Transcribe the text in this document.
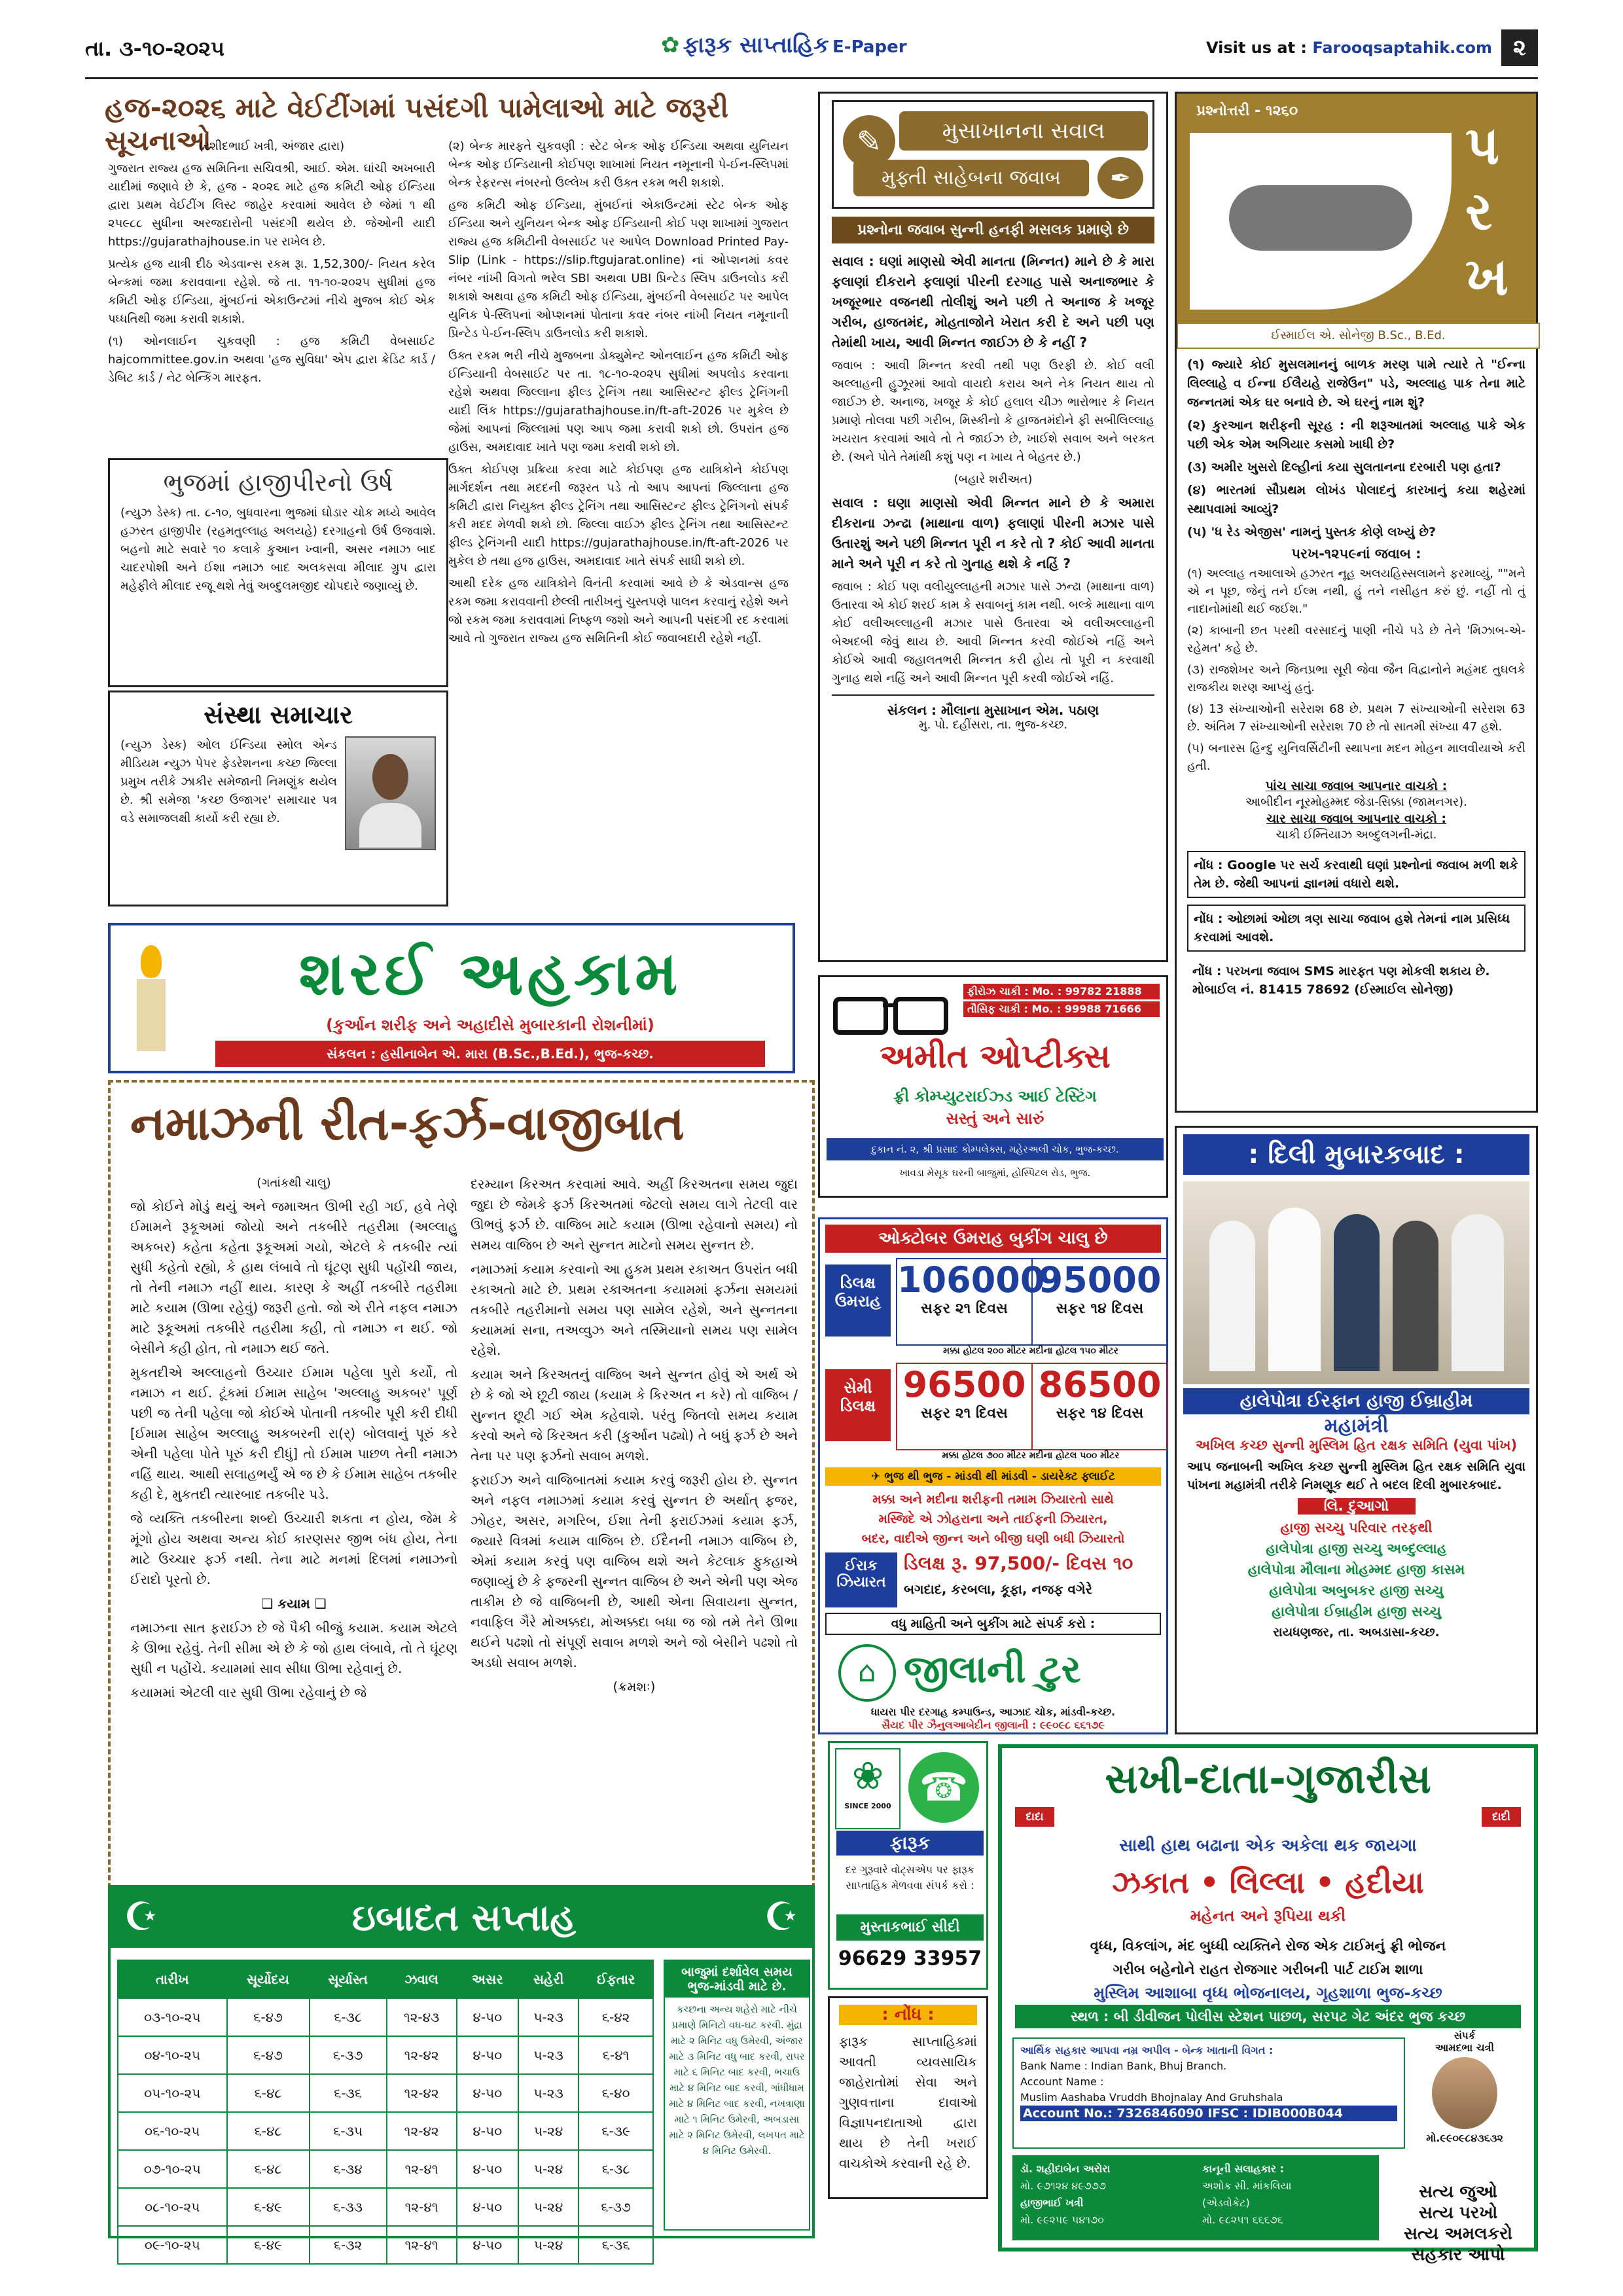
તા. ૩-૧૦-૨૦૨૫	✿ ફારૂક સાપ્તાહિક E-Paper	Visit us at : Farooqsaptahik.com ૨
હજ-૨૦૨૬ માટે વેઈટીંગમાં પસંદગી પામેલાઓ માટે જરૂરી સૂચનાઓ

(રશીદભાઈ ખત્રી, અંજાર દ્વારા)

ગુજરાત રાજ્ય હજ સમિતિના સચિવશ્રી, આઈ. એમ. ઘાંચી અખબારી યાદીમાં જણાવે છે કે, હજ - ૨૦૨૬ માટે હજ કમિટી ઓફ ઈન્ડિયા દ્વારા પ્રથમ વેઈટીંગ લિસ્ટ જાહેર કરવામાં આવેલ છે જેમાં ૧ થી ૨૫૯૮૮ સુધીના અરજદારોની પસંદગી થયેલ છે. જેઓની યાદી https://gujarathajhouse.in પર રાખેલ છે.

પ્રત્યેક હજ યાત્રી દીઠ એડવાન્સ રકમ રૂા. 1,52,300/- નિયત કરેલ બેન્કમાં જમા કરાવવાના રહેશે. જે તા. ૧૧-૧૦-૨૦૨૫ સુધીમાં હજ કમિટી ઓફ ઈન્ડિયા, મુંબઈનાં એકાઉન્ટમાં નીચે મુજબ કોઈ એક પધ્ધતિથી જમા કરાવી શકાશે.

(૧) ઓનલાઈન ચુકવણી : હજ કમિટી વેબસાઈટ hajcommittee.gov.in અથવા 'હજ સુવિધા' એપ દ્વારા ક્રેડિટ કાર્ડ / ડેબિટ કાર્ડ / નેટ બેન્કિંગ મારફત.

(૨) બેન્ક મારફતે ચુકવણી : સ્ટેટ બેન્ક ઓફ ઈન્ડિયા અથવા યુનિયન બેન્ક ઓફ ઈન્ડિયાની કોઈપણ શાખામાં નિયત નમૂનાની પે-ઈન-સ્લિપમાં બેન્ક રેફરન્સ નંબરનો ઉલ્લેખ કરી ઉક્ત રકમ ભરી શકાશે.

હજ કમિટી ઓફ ઈન્ડિયા, મુંબઈનાં એકાઉન્ટમાં સ્ટેટ બેન્ક ઓફ ઈન્ડિયા અને યુનિયન બેન્ક ઓફ ઈન્ડિયાની કોઈ પણ શાખામાં ગુજરાત રાજ્ય હજ કમિટીની વેબસાઈટ પર આપેલ Download Printed Pay-Slip (Link - https://slip.ftgujarat.online) નાં ઓપ્શનમાં કવર નંબર નાંખી વિગતો ભરેલ SBI અથવા UBI પ્રિન્ટેડ સ્લિપ ડાઉનલોડ કરી શકાશે અથવા હજ કમિટી ઓફ ઈન્ડિયા, મુંબઈની વેબસાઈટ પર આપેલ યુનિક પે-સ્લિપનાં ઓપ્શનમાં પોતાના કવર નંબર નાંખી નિયત નમૂનાની પ્રિન્ટેડ પે-ઈન-સ્લિપ ડાઉનલોડ કરી શકાશે.

ઉક્ત રકમ ભરી નીચે મુજબના ડોક્યુમેન્ટ ઓનલાઈન હજ કમિટી ઓફ ઈન્ડિયાની વેબસાઈટ પર તા. ૧૮-૧૦-૨૦૨૫ સુધીમાં અપલોડ કરવાના રહેશે અથવા જિલ્લાના ફીલ્ડ ટ્રેનિંગ તથા આસિસ્ટન્ટ ફીલ્ડ ટ્રેનિંગની યાદી લિંક https://gujarathajhouse.in/ft-aft-2026 પર મુકેલ છે જેમાં આપનાં જિલ્લામાં પણ આપ જમા કરાવી શકો છો. ઉપરાંત હજ હાઉસ, અમદાવાદ ખાતે પણ જમા કરાવી શકો છો.

ઉક્ત કોઈપણ પ્રક્રિયા કરવા માટે કોઈપણ હજ યાત્રિકોને કોઈપણ માર્ગદર્શન તથા મદદની જરૂરત પડે તો આપ આપનાં જિલ્લાના હજ કમિટી દ્વારા નિયુક્ત ફીલ્ડ ટ્રેનિંગ તથા આસિસ્ટન્ટ ફીલ્ડ ટ્રેનિંગનો સંપર્ક કરી મદદ મેળવી શકો છો. જિલ્લા વાઈઝ ફીલ્ડ ટ્રેનિંગ તથા આસિસ્ટન્ટ ફીલ્ડ ટ્રેનિંગની યાદી https://gujarathajhouse.in/ft-aft-2026 પર મુકેલ છે તથા હજ હાઉસ, અમદાવાદ ખાતે સંપર્ક સાધી શકો છો.

આથી દરેક હજ યાત્રિકોને વિનંતી કરવામાં આવે છે કે એડવાન્સ હજ રકમ જમા કરાવવાની છેલ્લી તારીખનું ચુસ્તપણે પાલન કરવાનું રહેશે અને જો રકમ જમા કરાવવામાં નિષ્ફળ જશો અને આપની પસંદગી રદ કરવામાં આવે તો ગુજરાત રાજ્ય હજ સમિતિની કોઈ જવાબદારી રહેશે નહીં.

ભુજમાં હાજીપીરનો ઉર્ષ

(ન્યુઝ ડેસ્ક) તા. ૮-૧૦, બુધવારના ભુજમાં ઘોડાર ચોક મધ્યે આવેલ હઝરત હાજીપીર (રહમતુલ્લાહ અલયહે) દરગાહનો ઉર્ષ ઉજવાશે. બહનો માટે સવારે ૧૦ કલાકે કુઆન ખ્વાની, અસર નમાઝ બાદ ચાદરપોશી અને ઈશા નમાઝ બાદ અલકસવા મીલાદ ગ્રુપ દ્વારા મહેફીલે મીલાદ રજૂ થશે તેવું અબ્દુલમજીદ ચોપદારે જણાવ્યું છે.

સંસ્થા સમાચાર

(ન્યુઝ ડેસ્ક) ઓલ ઈન્ડિયા સ્મોલ એન્ડ મીડિયમ ન્યુઝ પેપર ફેડરેશનના કચ્છ જિલ્લા પ્રમુખ તરીકે ઝાકીર સમેજાની નિમણુંક થયેલ છે. શ્રી સમેજા 'કચ્છ ઉજાગર' સમાચાર પત્ર વડે સમાજલક્ષી કાર્યો કરી રહ્યા છે.

✎	મુસાખાનના સવાલ
મુફ્તી સાહેબના જવાબ	✒
પ્રશ્નોના જવાબ સુન્ની હનફી મસલક પ્રમાણે છે

સવાલ : ઘણાં માણસો એવી માનતા (મિન્નત) માને છે કે મારા ફલાણાં દીકરાને ફલાણાં પીરની દરગાહ પાસે અનાજભાર કે ખજૂરભાર વજનથી તોલીશું અને પછી તે અનાજ કે ખજૂર ગરીબ, હાજતમંદ, મોહતાજોને ખેરાત કરી દે અને પછી પણ તેમાંથી ખાય, આવી મિન્નત જાઈઝ છે કે નહીં ?

જવાબ : આવી મિન્નત કરવી તથી પણ ઉરફી છે. કોઈ વલી અલ્લાહની હુઝૂરમાં આવો વાયદો કરાય અને નેક નિયત થાય તો જાઈઝ છે. અનાજ, ખજૂર કે કોઈ હલાલ ચીઝ ભારોભાર કે નિયત પ્રમાણે તોલવા પછી ગરીબ, મિસ્કીનો કે હાજતમંદોને ફી સબીલિલ્લાહ ખયરાત કરવામાં આવે તો તે જાઈઝ છે, ખાઈશે સવાબ અને બરકત છે. (અને પોતે તેમાંથી કશું પણ ન ખાય તે બેહતર છે.)

(બહારે શરીઅત)

સવાલ : ઘણા માણસો એવી મિન્નત માને છે કે અમારા દીકરાના ઝન્ઢા (માથાના વાળ) ફલાણાં પીરની મઝાર પાસે ઉતારશું અને પછી મિન્નત પૂરી ન કરે તો ? કોઈ આવી માનતા માને અને પૂરી ન કરે તો ગુનાહ થશે કે નહિં ?

જવાબ : કોઈ પણ વલીયુલ્લાહની મઝાર પાસે ઝન્ઢા (માથાના વાળ) ઉતારવા એ કોઈ શરઈ કામ કે સવાબનું કામ નથી. બલ્કે માથાના વાળ કોઈ વલીઅલ્લાહની મઝાર પાસે ઉતારવા એ વલીઅલ્લાહની બેઅદબી જેવું થાય છે. આવી મિન્નત કરવી જોઈએ નહિં અને કોઈએ આવી જહાલતભરી મિન્નત કરી હોય તો પૂરી ન કરવાથી ગુનાહ થશે નહિં અને આવી મિન્નત પૂરી કરવી જોઈએ નહિં.

સંકલન : મૌલાના મુસાખાન એમ. પઠાણ
મુ. પો. દહીંસરા, તા. ભુજ-કચ્છ.
પ્રશ્નોત્તરી - ૧૨૬૦
પરખ
ઈસ્માઈલ એ. સોનેજી B.Sc., B.Ed.

(૧) જ્યારે કોઈ મુસલમાનનું બાળક મરણ પામે ત્યારે તે "ઈન્ના લિલ્લાહે વ ઈન્ના ઈલૈયહે રાજેઉન" પડે, અલ્લાહ પાક તેના માટે જન્નતમાં એક ઘર બનાવે છે. એ ઘરનું નામ શું?

(૨) કુરઆન શરીફની સૂરહ : ની શરૂઆતમાં અલ્લાહ પાકે એક પછી એક એમ અગિયાર કસમો ખાધી છે?

(૩) અમીર ખુસરો દિલ્હીનાં કયા સુલતાનના દરબારી પણ હતા?

(૪) ભારતમાં સૌપ્રથમ લોખંડ પોલાદનું કારખાનું કયા શહેરમાં સ્થાપવામાં આવ્યું?

(૫) 'ધ રેડ એજીસ' નામનું પુસ્તક કોણે લખ્યું છે?

પરખ-૧૨૫૯નાં જવાબ :

(૧) અલ્લાહ તઆલાએ હઝરત નૂહ અલયહિસ્સલામને ફરમાવ્યું, ""મને એ ન પૂછ, જેનું તને ઈલ્મ નથી, હું તને નસીહત કરું છું. નહીં તો તું નાદાનોમાંથી થઈ જઈશ."

(૨) કાબાની છત પરથી વરસાદનું પાણી નીચે પડે છે તેને 'મિઝાબ-એ-રહેમત' કહે છે.

(૩) રાજશેખર અને જિનપ્રભા સૂરી જેવા જૈન વિદ્વાનોને મહંમદ તુઘલકે રાજકીય શરણ આપ્યું હતું.

(૪) 13 સંખ્યાઓની સરેરાશ 68 છે. પ્રથમ 7 સંખ્યાઓની સરેરાશ 63 છે. અંતિમ 7 સંખ્યાઓની સરેરાશ 70 છે તો સાતમી સંખ્યા 47 હશે.

(૫) બનારસ હિન્દુ યુનિવર્સિટીની સ્થાપના મદન મોહન માલવીયાએ કરી હતી.

પાંચ સાચા જવાબ આપનાર વાચકો :
આબીદીન નૂરમોહમ્મદ જેડા-સિક્કા (જામનગર).
ચાર સાચા જવાબ આપનાર વાચકો :
ચાકી ઈમ્તિયાઝ અબ્દુલગની-મંદ્રા.
નોંધ : Google પર સર્ચ કરવાથી ઘણાં પ્રશ્નોનાં જવાબ મળી શકે તેમ છે. જેથી આપનાં જ્ઞાનમાં વધારો થશે.
નોંધ : ઓછામાં ઓછા ત્રણ સાચા જવાબ હશે તેમનાં નામ પ્રસિધ્ધ કરવામાં આવશે.
નોંધ : પરખના જવાબ SMS મારફત પણ મોકલી શકાય છે. મોબાઈલ નં. 81415 78692 (ઈસ્માઈલ સોનેજી)
શરઈ અહકામ
(કુર્આન શરીફ અને અહાદીસે મુબારકાની રોશનીમાં)
સંકલન : હસીનાબેન એ. મારા (B.Sc.,B.Ed.), ભુજ-કચ્છ.
નમાઝની રીત-ફર્ઝ-વાજીબાત

(ગતાંકથી ચાલુ)

જો કોઈને મોડું થયું અને જમાઅત ઊભી રહી ગઈ, હવે તેણે ઈમામને રૂકૂઅમાં જોયો અને તકબીરે તહરીમા (અલ્લાહુ અકબર) કહેતા કહેતા રૂકૂઅમાં ગયો, એટલે કે તકબીર ત્યાં સુધી કહેતો રહ્યો, કે હાથ લંબાવે તો ઘૂંટણ સુધી પહોંચી જાય, તો તેની નમાઝ નહીં થાય. કારણ કે અહીં તકબીરે તહરીમા માટે કયામ (ઊભા રહેવું) જરૂરી હતો. જો એ રીતે નફલ નમાઝ માટે રૂકૂઅમાં તકબીરે તહરીમા કહી, તો નમાઝ ન થઈ. જો બેસીને કહી હોત, તો નમાઝ થઈ જતે.

મુકતદીએ અલ્લાહનો ઉચ્ચાર ઈમામ પહેલા પુરો કર્યો, તો નમાઝ ન થઈ. ટૂંકમાં ઈમામ સાહેબ 'અલ્લાહુ અકબર' પૂર્ણ પછી જ તેની પહેલા જો કોઈએ પોતાની તકબીર પૂરી કરી દીધી [ઈમામ સાહેબ અલ્લાહુ અકબરની રા(ર્) બોલવાનું પૂરું કરે એની પહેલા પોતે પૂરું કરી દીધું] તો ઈમામ પાછળ તેની નમાઝ નહિં થાય. આથી સલાહભર્યું એ જ છે કે ઈમામ સાહેબ તકબીર કહી દે, મુકતદી ત્યારબાદ તકબીર પડે.

જે વ્યક્તિ તકબીરના શબ્દો ઉચ્ચારી શકતા ન હોય, જેમ કે મૂંગો હોય અથવા અન્ય કોઈ કારણસર જીભ બંધ હોય, તેના માટે ઉચ્ચાર ફર્ઝ નથી. તેના માટે મનમાં દિલમાં નમાઝનો ઈરાદો પૂરતો છે.

❑ કયામ ❑

નમાઝના સાત ફરાઈઝ છે જે પૈકી બીજું કયામ. કયામ એટલે કે ઊભા રહેવું. તેની સીમા એ છે કે જો હાથ લંબાવે, તો તે ઘૂંટણ સુધી ન પહોંચે. કયામમાં સાવ સીધા ઊભા રહેવાનું છે.

કયામમાં એટલી વાર સુધી ઊભા રહેવાનું છે જે

દરમ્યાન કિરઅત કરવામાં આવે. અહીં કિરઅતના સમય જુદા જુદા છે જેમકે ફર્ઝ કિરઅતમાં જેટલો સમય લાગે તેટલી વાર ઊભવું ફર્ઝ છે. વાજિબ માટે કયામ (ઊભા રહેવાનો સમય) નો સમય વાજિબ છે અને સુન્નત માટેનો સમય સુન્નત છે.

નમાઝમાં કયામ કરવાનો આ હુકમ પ્રથમ રકાઅત ઉપરાંત બધી રકાઅતો માટે છે. પ્રથમ રકાઅતના કયામમાં ફર્ઝના સમયમાં તકબીરે તહરીમાનો સમય પણ સામેલ રહેશે, અને સુન્નતના કયામમાં સના, તઅવ્વુઝ અને તસ્મિયાનો સમય પણ સામેલ રહેશે.

કયામ અને કિરઅતનું વાજિબ અને સુન્નત હોવું એ અર્થ એ છે કે જો એ છૂટી જાય (કયામ કે કિરઅત ન કરે) તો વાજિબ / સુન્નત છૂટી ગઈ એમ કહેવાશે. પરંતુ જિતલો સમય કયામ કરવો અને જે કિરઅત કરી (કુર્આન પઢ્યો) તે બધું ફર્ઝ છે અને તેના પર પણ ફર્ઝનો સવાબ મળશે.

ફરાઈઝ અને વાજિબાતમાં કયામ કરવું જરૂરી હોય છે. સુન્નત અને નફલ નમાઝમાં કયામ કરવું સુન્નત છે અર્થાત્ ફજર, ઝોહર, અસર, મગરિબ, ઈશા તેની ફરાઈઝમાં કયામ ફર્ઝ, જ્યારે વિત્રમાં કયામ વાજિબ છે. ઈદૈનની નમાઝ વાજિબ છે, એમાં કયામ કરવું પણ વાજિબ થશે અને કેટલાક ફુકહાએ જણાવ્યું છે કે ફજરની સુન્નત વાજિબ છે અને એની પણ એજ તાકીમ છે જે વાજિબની છે, આથી એના સિવાયના સુન્નત, નવાફિલ ગૈરે મોઅક્કદા, મોઅક્કદા બધા જ જો તમે તેને ઊભા થઈને પઢશો તો સંપૂર્ણ સવાબ મળશે અને જો બેસીને પઢશો તો અડધો સવાબ મળશે.

(ક્રમશઃ)

☪	ઇબાદત સપ્તાહ	☪
તારીખ	સૂર્યોદય	સૂર્યાસ્ત	ઝવાલ	અસર	સહેરી	ઈફતાર
૦૩-૧૦-૨૫	૬-૪૭	૬-૩૮	૧૨-૪૩	૪-૫૦	૫-૨૩	૬-૪૨
૦૪-૧૦-૨૫	૬-૪૭	૬-૩૭	૧૨-૪૨	૪-૫૦	૫-૨૩	૬-૪૧
૦૫-૧૦-૨૫	૬-૪૮	૬-૩૬	૧૨-૪૨	૪-૫૦	૫-૨૩	૬-૪૦
૦૬-૧૦-૨૫	૬-૪૮	૬-૩૫	૧૨-૪૨	૪-૫૦	૫-૨૪	૬-૩૯
૦૭-૧૦-૨૫	૬-૪૮	૬-૩૪	૧૨-૪૧	૪-૫૦	૫-૨૪	૬-૩૮
૦૮-૧૦-૨૫	૬-૪૯	૬-૩૩	૧૨-૪૧	૪-૫૦	૫-૨૪	૬-૩૭
૦૯-૧૦-૨૫	૬-૪૯	૬-૩૨	૧૨-૪૧	૪-૫૦	૫-૨૪	૬-૩૬
બાજુમાં દર્શાવેલ સમય ભુજ-માંડવી માટે છે.
કચ્છના અન્ય શહેરો માટે નીચે પ્રમાણે મિનિટો વધ-ઘટ કરવી. મુંદ્રા માટે ૨ મિનિટ વધુ ઉમેરવી, અંજાર માટે ૩ મિનિટ વધુ બાદ કરવી, રાપર માટે ૬ મિનિટ બાદ કરવી, ભચાઉ માટે ૪ મિનિટ બાદ કરવી, ગાંધીધામ માટે ૪ મિનિટ બાદ કરવી, નખત્રાણા માટે ૧ મિનિટ ઉમેરવી, અબડાસા માટે ૨ મિનિટ ઉમેરવી, લખપત માટે ૪ મિનિટ ઉમેરવી.
ફીરોઝ ચાકી : Mo. : 99782 21888
તૌસિફ ચાકી : Mo. : 99988 71666
અમીત ઓપ્ટીક્સ
ફ્રી કોમ્પ્યુટરાઈઝ્ડ આઈ ટેસ્ટિંગ
સસ્તું અને સારું
દુકાન નં. ૨, શ્રી પ્રસાદ કોમ્પલેક્સ, મહેરઅલી ચોક, ભુજ-કચ્છ.
ખાવડા મેસૂક ઘરની બાજુમાં, હોસ્પિટલ રોડ, ભુજ.
ઓક્ટોબર ઉમરાહ બુકીંગ ચાલુ છે
ડિલક્ષ ઉમરાહ
106000
સફર ૨૧ દિવસ
95000
સફર ૧૪ દિવસ
મક્કા હોટલ ૨૦૦ મીટર મદીના હોટલ ૧૫૦ મીટર
સેમી ડિલક્ષ
96500
સફર ૨૧ દિવસ
86500
સફર ૧૪ દિવસ
મક્કા હોટલ ૭૦૦ મીટર મદીના હોટલ ૫૦૦ મીટર
✈ ભુજ થી ભુજ - માંડવી થી માંડવી - ડાયરેક્ટ ફ્લાઈટ
મક્કા અને મદીના શરીફની તમામ ઝિયારતો સાથે
મસ્જિદે એ ઝોહરાના અને તાઈફની ઝિયારત,
બદર, વાદીએ જીન્ન અને બીજી ઘણી બધી ઝિયારતો
ઈરાક ઝિયારત
ડિલક્ષ રૂ. 97,500/- દિવસ ૧૦
બગદાદ, કરબલા, કૂફા, નજફ વગેરે
વધુ માહિતી અને બુકીંગ માટે સંપર્ક કરો :
⌂ જીલાની ટુર
ધાયરા પીર દરગાહ કમ્પાઉન્ડ, આઝાદ ચોક, માંડવી-કચ્છ.
સૈયદ પીર ઝૈનુલઆબેદીન જીલાની : ૯૯૦૯૮ ૬૬૧૭૯
❀
SINCE 2000 ☎
ફારૂક
દર ગુરૂવારે વોટ્સએપ પર ફારૂક સાપ્તાહિક મેળવવા સંપર્ક કરો :
મુસ્તાકભાઈ સીદી
96629 33957
: નોંધ :
ફારૂક સાપ્તાહિકમાં આવતી વ્યવસાયિક જાહેરાતોમાં સેવા અને ગુણવત્તાના દાવાઓ વિજ્ઞાપનદાતાઓ દ્વારા થાય છે તેની ખરાઈ વાચકોએ કરવાની રહે છે.
: દિલી મુબારકબાદ :
હાલેપોત્રા ઈરફાન હાજી ઈબ્રાહીમ
મહામંત્રી
અખિલ કચ્છ સુન્ની મુસ્લિમ હિત રક્ષક સમિતિ (યુવા પાંખ)
આપ જનાબની અખિલ કચ્છ સુન્ની મુસ્લિમ હિત રક્ષક સમિતિ યુવા પાંખના મહામંત્રી તરીકે નિમણૂક થઈ તે બદલ દિલી મુબારકબાદ.
લિ. દુઆગો
હાજી સચ્ચુ પરિવાર તરફથી
હાલેપોત્રા હાજી સચ્ચુ અબ્દુલ્લાહ
હાલેપોત્રા મૌલાના મોહમ્મદ હાજી કાસમ
હાલેપોત્રા અબુબકર હાજી સચ્ચુ
હાલેપોત્રા ઈબ્રાહીમ હાજી સચ્ચુ
રાયધણજર, તા. અબડાસા-કચ્છ.
સખી-દાતા-ગુજારીસ
દાદા	દાદી
સાથી હાથ બઢાના એક અકેલા થક જાયગા
ઝકાત • લિલ્લા • હદીયા
મહેનત અને રૂપિયા થકી
વૃધ્ધ, વિકલાંગ, મંદ બુધ્ધી વ્યક્તિને રોજ એક ટાઈમનું ફ્રી ભોજન
ગરીબ બહેનોને રાહત રોજગાર ગરીબની પાર્ટ ટાઈમ શાળા
મુસ્લિમ આશાબા વૃધ્ધ ભોજનાલય, ગૃહશાળા ભુજ-કચ્છ
સ્થળ : બી ડીવીજન પોલીસ સ્ટેશન પાછળ, સરપટ ગેટ અંદર ભુજ કચ્છ
આર્થિક સહકાર આપવા નમ્ર અપીલ - બેન્ક ખાતાની વિગત :
Bank Name : Indian Bank, Bhuj Branch.
Account Name :
Muslim Aashaba Vruddh Bhojnalay And Gruhshala
Account No.: 7326846090 IFSC : IDIB000B044
સંપર્ક
આમદભા ચત્રી
મો.૯૯૦૯૮૪૩૬૩૨
ડૉ. શહીદાબેન અરોરા
મો. ૯૭૧૨૪ ૪૯૭૭૭
હાજીભાઈ ખત્રી
મો. ૯૯૨૫૯ ૫૪૧૭૦
કાનૂની સલાહકાર :
અશોક સી. માંકલિયા
(એડવોકેટ)
મો. ૯૮૨૫૧ ૬૬૬૭૬
સત્ય જુઓ
સત્ય પરખો
સત્ય અમલકરો
સહકાર આપો
